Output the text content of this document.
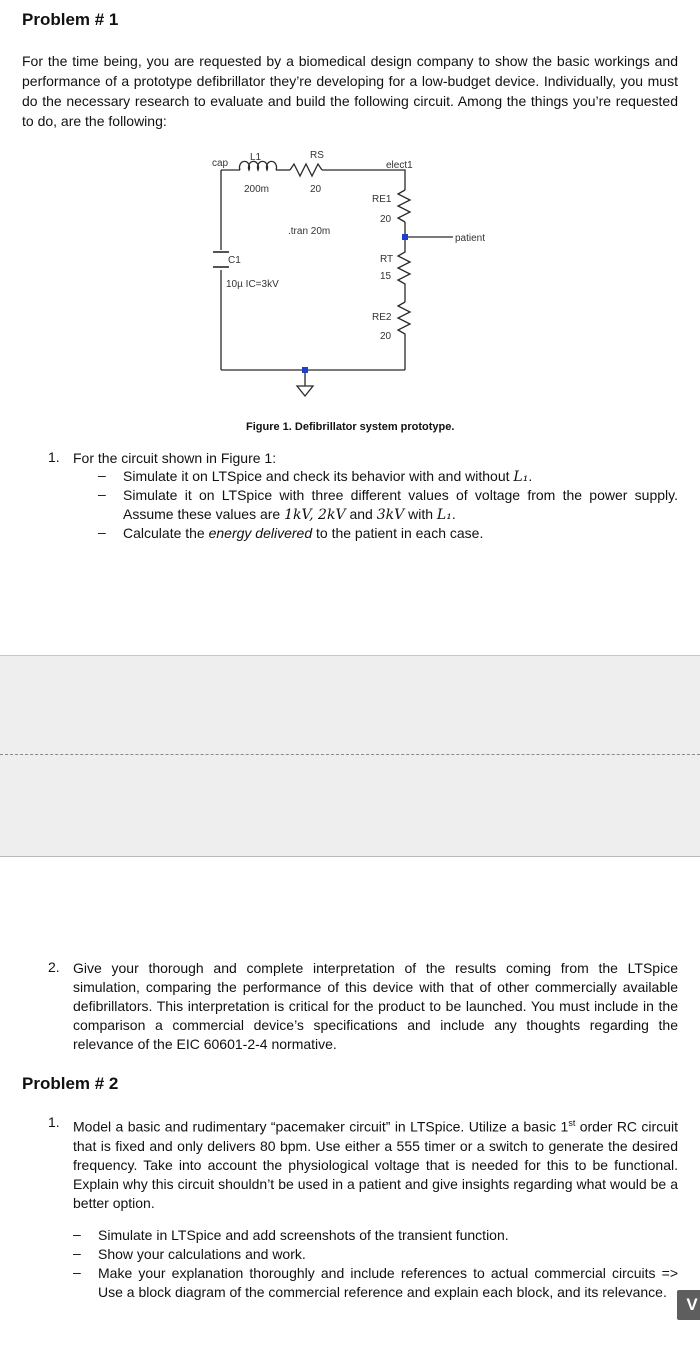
Problem # 1
For the time being, you are requested by a biomedical design company to show the basic workings and performance of a prototype defibrillator they’re developing for a low-budget device. Individually, you must do the necessary research to evaluate and build the following circuit. Among the things you’re requested to do, are the following:
cap
L1
200m
RS
20
elect1
RE1
20
.tran 20m
patient
C1
10µ IC=3kV
RT
15
RE2
20
Figure 1. Defibrillator system prototype.
1. For the circuit shown in Figure 1:
– Simulate it on LTSpice and check its behavior with and without L₁.
– Simulate it on LTSpice with three different values of voltage from the power supply. Assume these values are 1kV, 2kV and 3kV with L₁.
– Calculate the energy delivered to the patient in each case.
2. Give your thorough and complete interpretation of the results coming from the LTSpice simulation, comparing the performance of this device with that of other commercially available defibrillators. This interpretation is critical for the product to be launched. You must include in the comparison a commercial device’s specifications and include any thoughts regarding the relevance of the EIC 60601-2-4 normative.
Problem # 2
1. Model a basic and rudimentary “pacemaker circuit” in LTSpice. Utilize a basic 1st order RC circuit that is fixed and only delivers 80 bpm. Use either a 555 timer or a switch to generate the desired frequency. Take into account the physiological voltage that is needed for this to be functional. Explain why this circuit shouldn’t be used in a patient and give insights regarding what would be a better option.
– Simulate in LTSpice and add screenshots of the transient function.
– Show your calculations and work.
– Make your explanation thoroughly and include references to actual commercial circuits => Use a block diagram of the commercial reference and explain each block, and its relevance.
V
